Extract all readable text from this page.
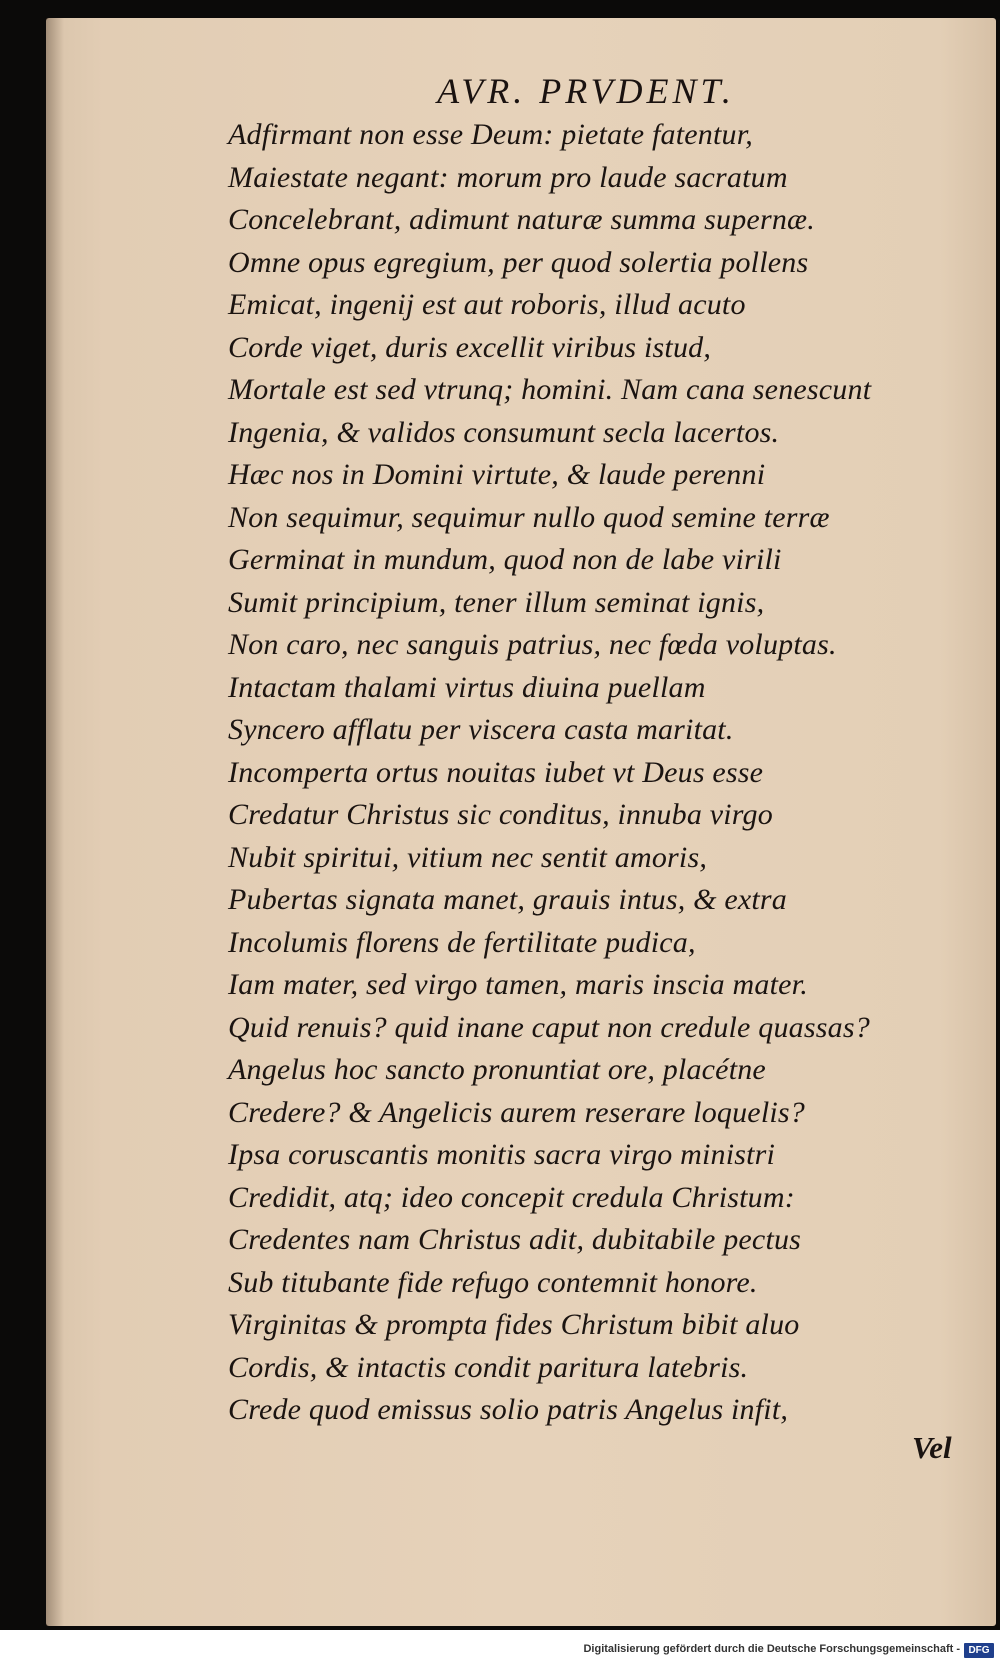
AVR. PRVDENT.
Adfirmant non esse Deum: pietate fatentur,
Maiestate negant: morum pro laude sacratum
Concelebrant, adimunt naturæ summa supernæ.
Omne opus egregium, per quod solertia pollens
Emicat, ingenij est aut roboris, illud acuto
Corde viget, duris excellit viribus istud,
Mortale est sed vtrunq; homini. Nam cana senescunt
Ingenia, & validos consumunt secla lacertos.
Hæc nos in Domini virtute, & laude perenni
Non sequimur, sequimur nullo quod semine terræ
Germinat in mundum, quod non de labe virili
Sumit principium, tener illum seminat ignis,
Non caro, nec sanguis patrius, nec fœda voluptas.
Intactam thalami virtus diuina puellam
Syncero afflatu per viscera casta maritat.
Incomperta ortus nouitas iubet vt Deus esse
Credatur Christus sic conditus, innuba virgo
Nubit spiritui, vitium nec sentit amoris,
Pubertas signata manet, grauis intus, & extra
Incolumis florens de fertilitate pudica,
Iam mater, sed virgo tamen, maris inscia mater.
Quid renuis? quid inane caput non credule quassas?
Angelus hoc sancto pronuntiat ore, placétne
Credere? & Angelicis aurem reserare loquelis?
Ipsa coruscantis monitis sacra virgo ministri
Credidit, atq; ideo concepit credula Christum:
Credentes nam Christus adit, dubitabile pectus
Sub titubante fide refugo contemnit honore.
Virginitas & prompta fides Christum bibit aluo
Cordis, & intactis condit paritura latebris.
Crede quod emissus solio patris Angelus infit,
Vel
Digitalisierung gefördert durch die Deutsche Forschungsgemeinschaft - DFG
